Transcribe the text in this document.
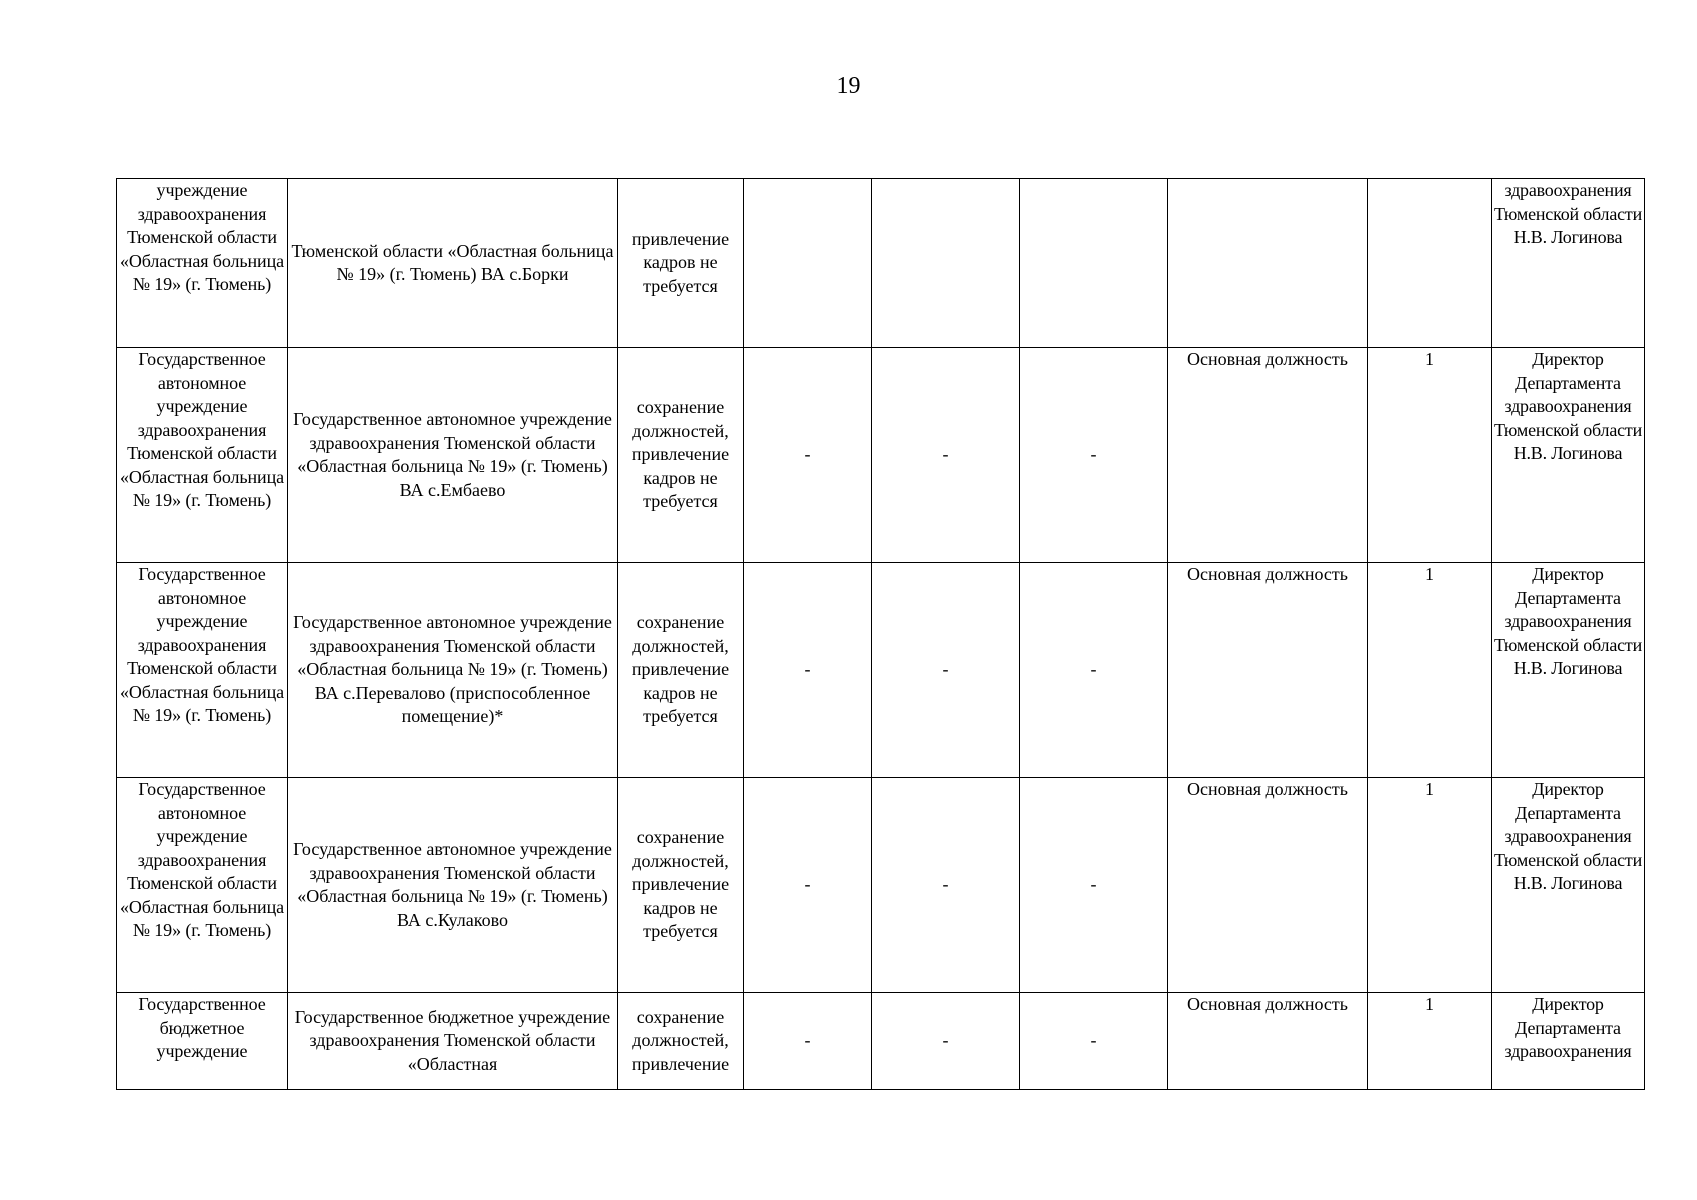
19
учреждение здравоохранения Тюменской области «Областная больница № 19» (г. Тюмень)	Тюменской области «Областная больница № 19» (г. Тюмень) ВА с.Борки	привлечение кадров не требуется						здравоохранения Тюменской области Н.В. Логинова
Государственное автономное учреждение здравоохранения Тюменской области «Областная больница № 19» (г. Тюмень)	Государственное автономное учреждение здравоохранения Тюменской области «Областная больница № 19» (г. Тюмень) ВА с.Ембаево	сохранение должностей, привлечение кадров не требуется	-	-	-	Основная должность	1	Директор Департамента здравоохранения Тюменской области Н.В. Логинова
Государственное автономное учреждение здравоохранения Тюменской области «Областная больница № 19» (г. Тюмень)	Государственное автономное учреждение здравоохранения Тюменской области «Областная больница № 19» (г. Тюмень) ВА с.Перевалово (приспособленное помещение)*	сохранение должностей, привлечение кадров не требуется	-	-	-	Основная должность	1	Директор Департамента здравоохранения Тюменской области Н.В. Логинова
Государственное автономное учреждение здравоохранения Тюменской области «Областная больница № 19» (г. Тюмень)	Государственное автономное учреждение здравоохранения Тюменской области «Областная больница № 19» (г. Тюмень) ВА с.Кулаково	сохранение должностей, привлечение кадров не требуется	-	-	-	Основная должность	1	Директор Департамента здравоохранения Тюменской области Н.В. Логинова
Государственное бюджетное учреждение	Государственное бюджетное учреждение здравоохранения Тюменской области «Областная	сохранение должностей, привлечение	-	-	-	Основная должность	1	Директор Департамента здравоохранения
